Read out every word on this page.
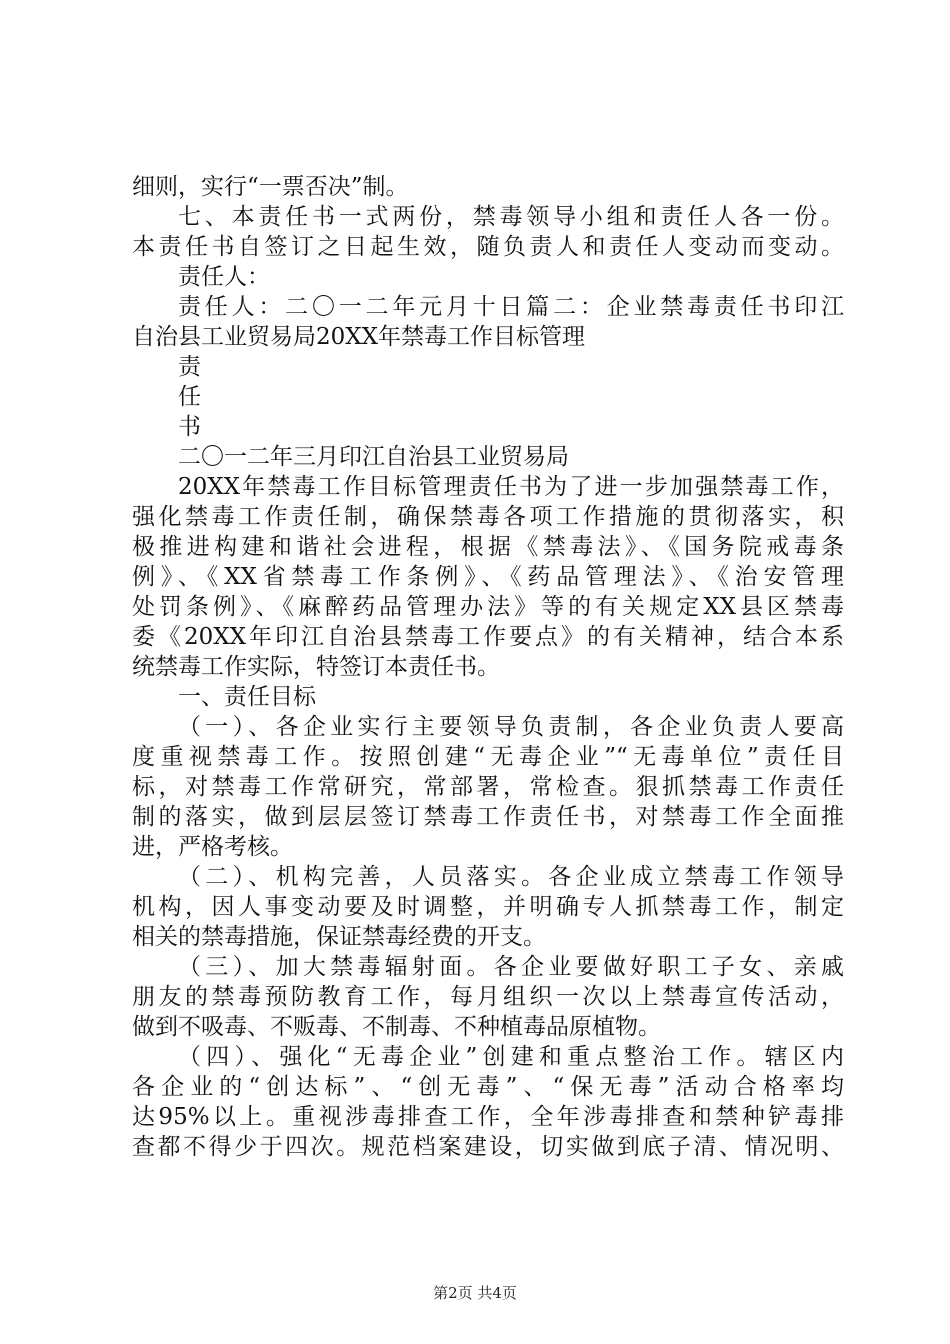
细则，实行“一票否决”制。
七、本责任书一式两份，禁毒领导小组和责任人各一份。
本责任书自签订之日起生效，随负责人和责任人变动而变动。
责任人：
责任人：二〇一二年元月十日篇二：企业禁毒责任书印江
自治县工业贸易局20XX年禁毒工作目标管理
责
任
书
二〇一二年三月印江自治县工业贸易局
20XX年禁毒工作目标管理责任书为了进一步加强禁毒工作，
强化禁毒工作责任制，确保禁毒各项工作措施的贯彻落实，积
极推进构建和谐社会进程，根据《禁毒法》、《国务院戒毒条
例》、《XX省禁毒工作条例》、《药品管理法》、《治安管理
处罚条例》、《麻醉药品管理办法》等的有关规定XX县区禁毒
委《20XX年印江自治县禁毒工作要点》的有关精神，结合本系
统禁毒工作实际，特签订本责任书。
一、责任目标
（一）、各企业实行主要领导负责制，各企业负责人要高
度重视禁毒工作。按照创建“无毒企业”“无毒单位”责任目
标，对禁毒工作常研究，常部署，常检查。狠抓禁毒工作责任
制的落实，做到层层签订禁毒工作责任书，对禁毒工作全面推
进，严格考核。
（二）、机构完善，人员落实。各企业成立禁毒工作领导
机构，因人事变动要及时调整，并明确专人抓禁毒工作，制定
相关的禁毒措施，保证禁毒经费的开支。
（三）、加大禁毒辐射面。各企业要做好职工子女、亲戚
朋友的禁毒预防教育工作，每月组织一次以上禁毒宣传活动，
做到不吸毒、不贩毒、不制毒、不种植毒品原植物。
（四）、强化“无毒企业”创建和重点整治工作。辖区内
各企业的“创达标”、“创无毒”、“保无毒”活动合格率均
达95%以上。重视涉毒排查工作，全年涉毒排查和禁种铲毒排
查都不得少于四次。规范档案建设，切实做到底子清、情况明、
第2页 共4页
